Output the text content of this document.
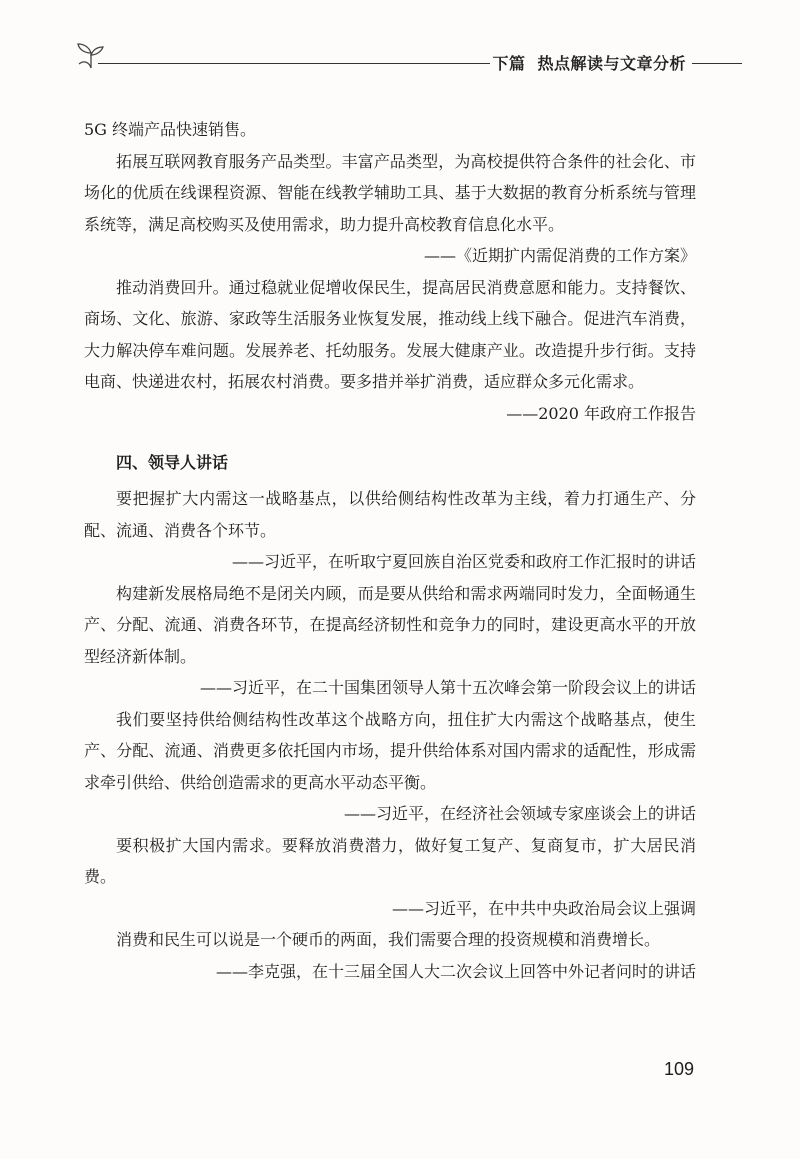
下篇 热点解读与文章分析

5G 终端产品快速销售。

拓展互联网教育服务产品类型。丰富产品类型，为高校提供符合条件的社会化、市场化的优质在线课程资源、智能在线教学辅助工具、基于大数据的教育分析系统与管理系统等，满足高校购买及使用需求，助力提升高校教育信息化水平。

——《近期扩内需促消费的工作方案》

推动消费回升。通过稳就业促增收保民生，提高居民消费意愿和能力。支持餐饮、商场、文化、旅游、家政等生活服务业恢复发展，推动线上线下融合。促进汽车消费，大力解决停车难问题。发展养老、托幼服务。发展大健康产业。改造提升步行街。支持电商、快递进农村，拓展农村消费。要多措并举扩消费，适应群众多元化需求。

——2020 年政府工作报告

四、领导人讲话

要把握扩大内需这一战略基点，以供给侧结构性改革为主线，着力打通生产、分配、流通、消费各个环节。

——习近平，在听取宁夏回族自治区党委和政府工作汇报时的讲话

构建新发展格局绝不是闭关内顾，而是要从供给和需求两端同时发力，全面畅通生产、分配、流通、消费各环节，在提高经济韧性和竞争力的同时，建设更高水平的开放型经济新体制。

——习近平，在二十国集团领导人第十五次峰会第一阶段会议上的讲话

我们要坚持供给侧结构性改革这个战略方向，扭住扩大内需这个战略基点，使生产、分配、流通、消费更多依托国内市场，提升供给体系对国内需求的适配性，形成需求牵引供给、供给创造需求的更高水平动态平衡。

——习近平，在经济社会领域专家座谈会上的讲话

要积极扩大国内需求。要释放消费潜力，做好复工复产、复商复市，扩大居民消费。

——习近平，在中共中央政治局会议上强调

消费和民生可以说是一个硬币的两面，我们需要合理的投资规模和消费增长。

——李克强，在十三届全国人大二次会议上回答中外记者问时的讲话

109
